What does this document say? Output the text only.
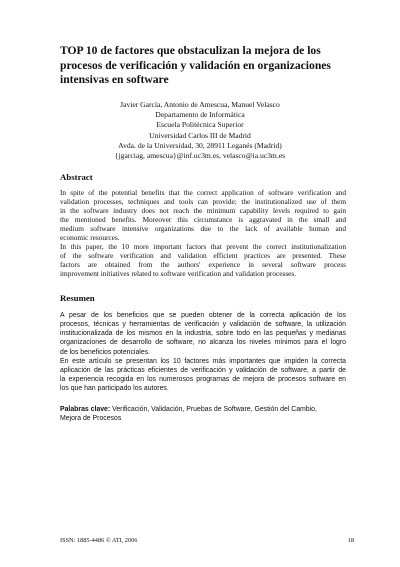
TOP 10 de factores que obstaculizan la mejora de los
procesos de verificación y validación en organizaciones
intensivas en software
Javier García, Antonio de Amescua, Manuel Velasco
Departamento de Informática
Escuela Politécnica Superior
Universidad Carlos III de Madrid
Avda. de la Universidad, 30, 28911 Leganés (Madrid)
{jgarciag, amescua}@inf.uc3m.es, velasco@ia.uc3m.es
Abstract
In spite of the potential benefits that the correct application of software verification and
validation processes, techniques and tools can provide; the institutionalized use of them
in the software industry does not reach the minimum capability levels required to gain
the mentioned benefits. Moreover this circumstance is aggravated in the small and
medium software intensive organizations due to the lack of available human and
economic resources.
In this paper, the 10 more important factors that prevent the correct institutionalization
of the software verification and validation efficient practices are presented. These
factors are obtained from the authors' experience in several software process
improvement initiatives related to software verification and validation processes.
Resumen
A pesar de los beneficios que se pueden obtener de la correcta aplicación de los
procesos, técnicas y herramientas de verificación y validación de software, la utilización
institucionalizada de los mismos en la industria, sobre todo en las pequeñas y medianas
organizaciones de desarrollo de software, no alcanza los niveles mínimos para el logro
de los beneficios potenciales.
En este artículo se presentan los 10 factores más importantes que impiden la correcta
aplicación de las prácticas eficientes de verificación y validación de software, a partir de
la experiencia recogida en los numerosos programas de mejora de procesos software en
los que han participado los autores.

Palabras clave: Verificación, Validación, Pruebas de Software, Gestión del Cambio,
Mejora de Procesos

ISSN: 1885-4486 © ATI, 2006	18
